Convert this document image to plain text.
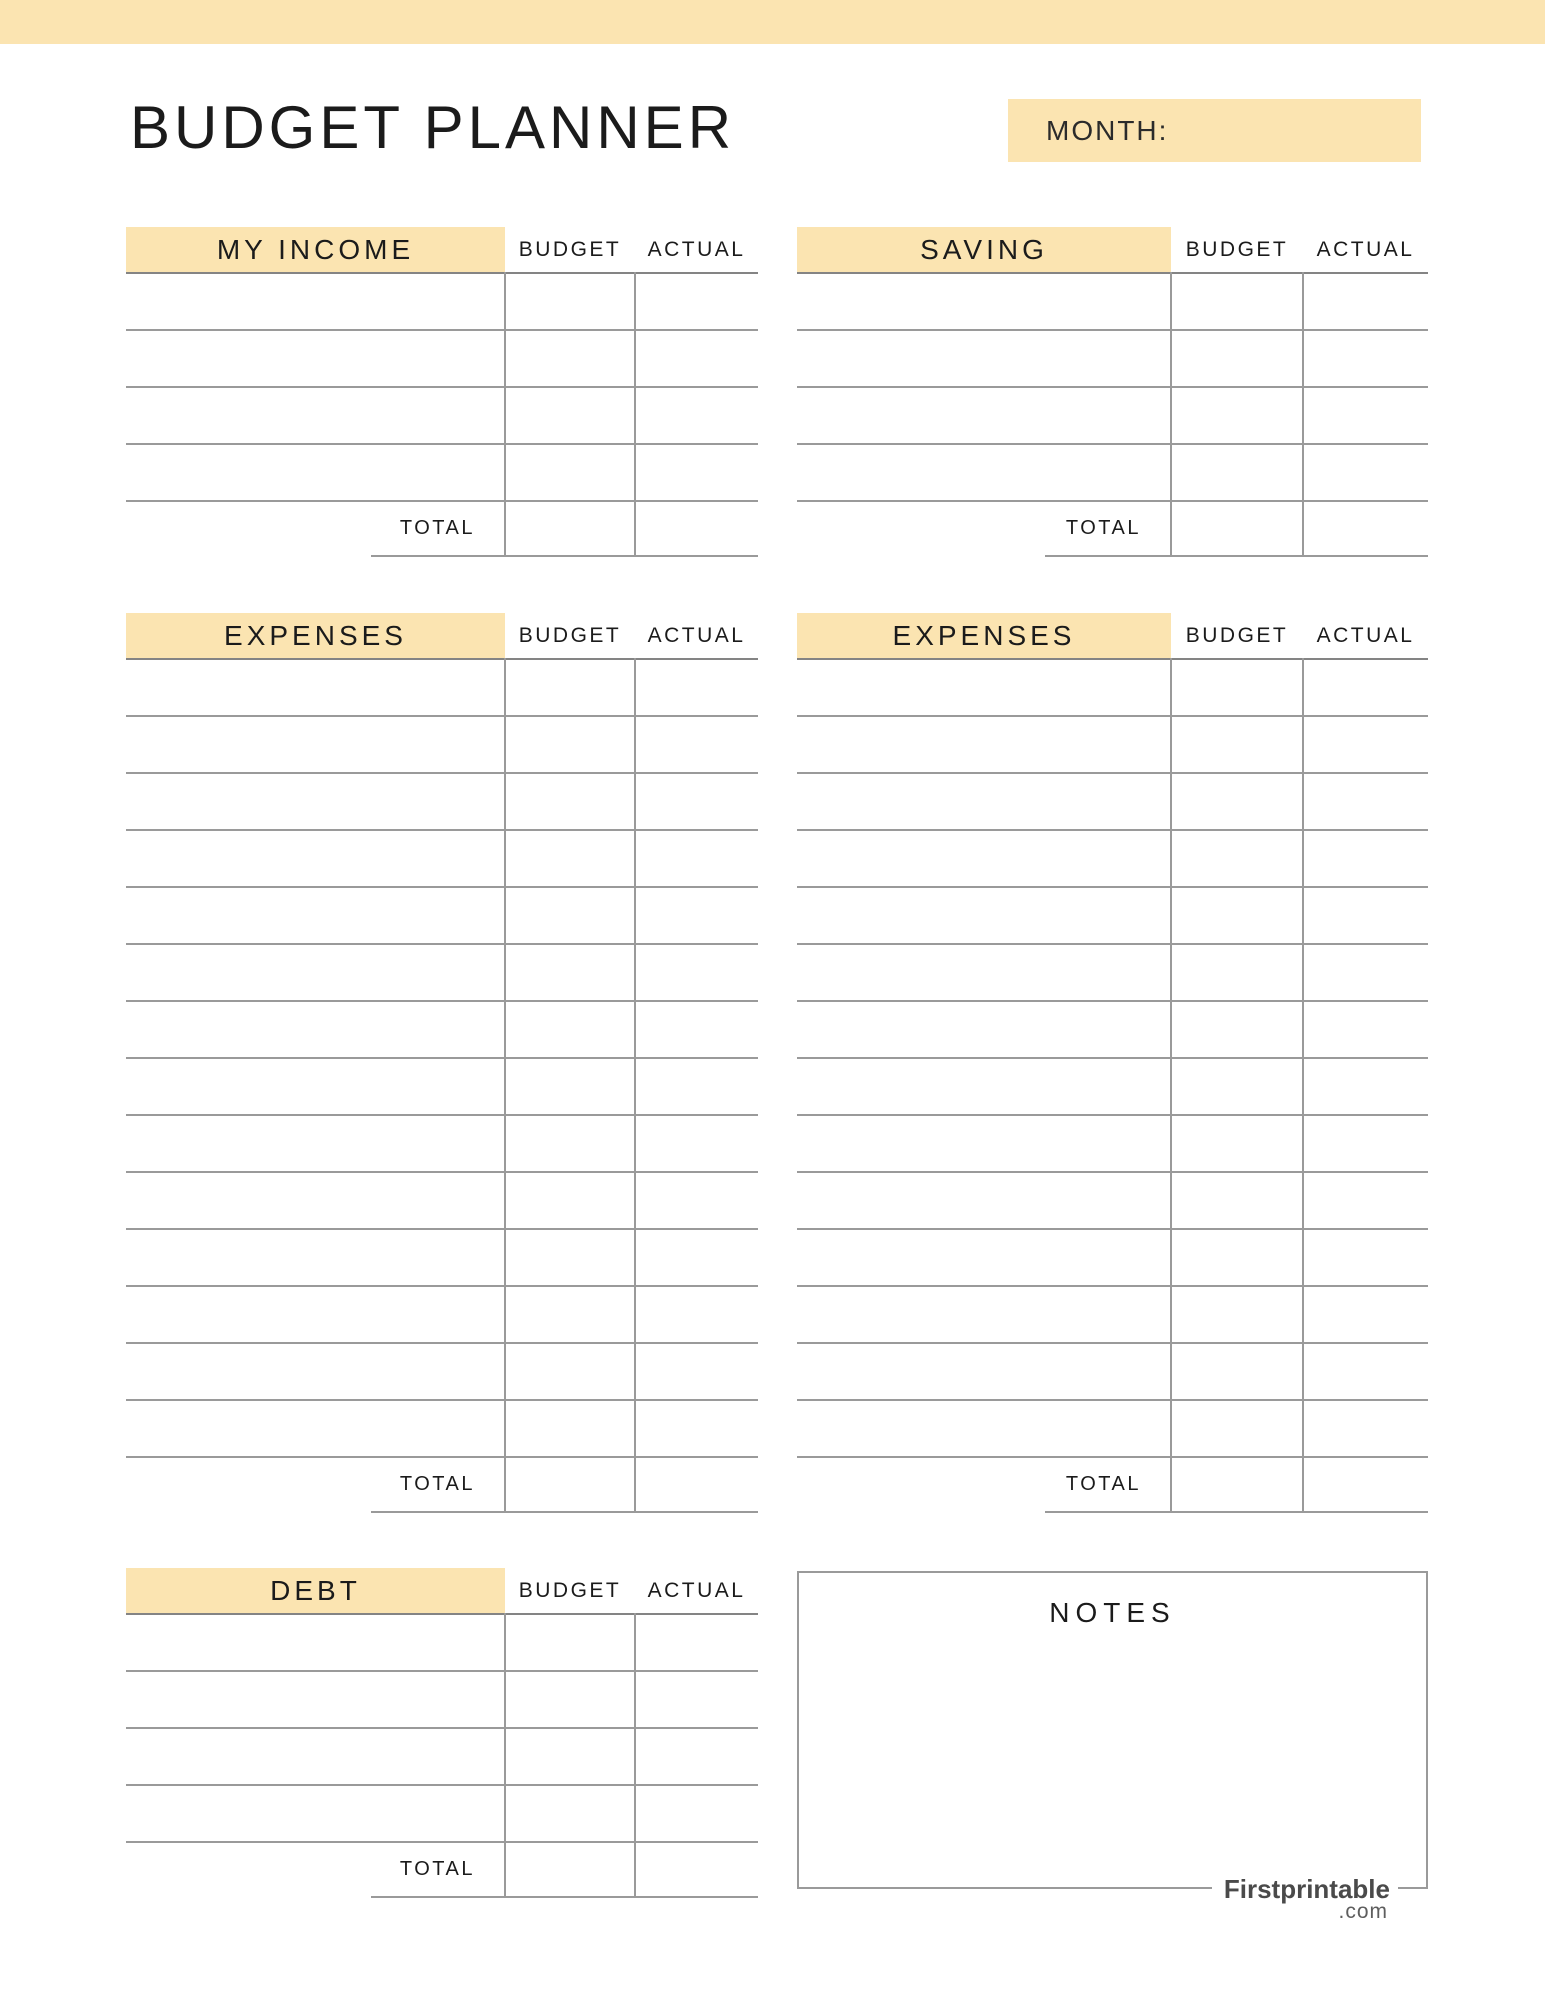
BUDGET PLANNER	MONTH:
MY INCOME	BUDGET	ACTUAL
TOTAL
SAVING	BUDGET	ACTUAL
TOTAL
EXPENSES	BUDGET	ACTUAL
TOTAL
EXPENSES	BUDGET	ACTUAL
TOTAL
DEBT	BUDGET	ACTUAL
TOTAL
NOTES
Firstprintable
.com
